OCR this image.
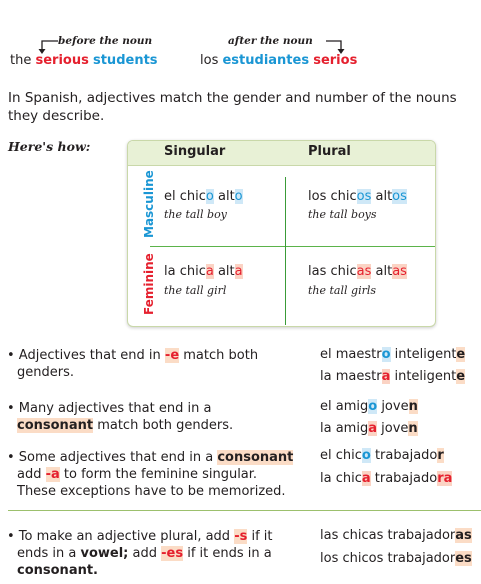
before the noun
the serious students
after the noun
los estudiantes serios
In Spanish, adjectives match the gender and number of the nouns they describe.
Here's how:	Singular	Plural
Masculine
Feminine
el chico alto
the tall boy
los chicos altos
the tall boys
la chica alta
the tall girl
las chicas altas
the tall girls
• Adjectives that end in -e match both
genders.
el maestro inteligente
la maestra inteligente
• Many adjectives that end in a
consonant match both genders.
el amigo joven
la amiga joven
• Some adjectives that end in a consonant
add -a to form the feminine singular.
These exceptions have to be memorized.
el chico trabajador
la chica trabajadora
• To make an adjective plural, add -s if it
ends in a vowel; add -es if it ends in a
consonant.
las chicas trabajadoras
los chicos trabajadores
